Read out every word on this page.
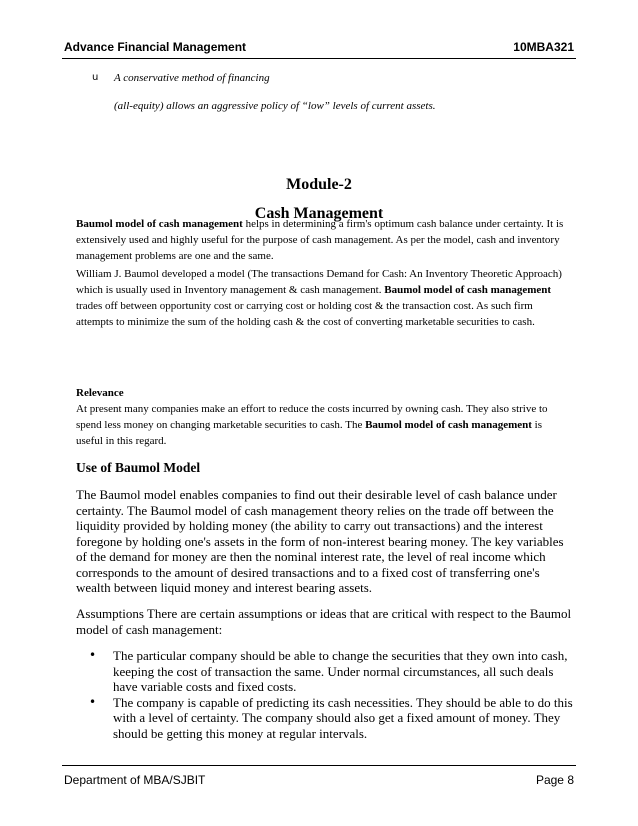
Advance Financial Management	10MBA321
u A conservative method of financing
(all-equity) allows an aggressive policy of “low” levels of current assets.
Module-2
Cash Management

Baumol model of cash management helps in determining a firm's optimum cash balance under certainty. It is extensively used and highly useful for the purpose of cash management. As per the model, cash and inventory management problems are one and the same.

William J. Baumol developed a model (The transactions Demand for Cash: An Inventory Theoretic Approach) which is usually used in Inventory management & cash management. Baumol model of cash management trades off between opportunity cost or carrying cost or holding cost & the transaction cost. As such firm attempts to minimize the sum of the holding cash & the cost of converting marketable securities to cash.

Relevance
At present many companies make an effort to reduce the costs incurred by owning cash. They also strive to spend less money on changing marketable securities to cash. The Baumol model of cash management is useful in this regard.

Use of Baumol Model

The Baumol model enables companies to find out their desirable level of cash balance under certainty. The Baumol model of cash management theory relies on the trade off between the liquidity provided by holding money (the ability to carry out transactions) and the interest foregone by holding one's assets in the form of non-interest bearing money. The key variables of the demand for money are then the nominal interest rate, the level of real income which corresponds to the amount of desired transactions and to a fixed cost of transferring one's wealth between liquid money and interest bearing assets.

Assumptions There are certain assumptions or ideas that are critical with respect to the Baumol model of cash management:

• The particular company should be able to change the securities that they own into cash, keeping the cost of transaction the same. Under normal circumstances, all such deals have variable costs and fixed costs.
• The company is capable of predicting its cash necessities. They should be able to do this with a level of certainty. The company should also get a fixed amount of money. They should be getting this money at regular intervals.
Department of MBA/SJBIT	Page 8
